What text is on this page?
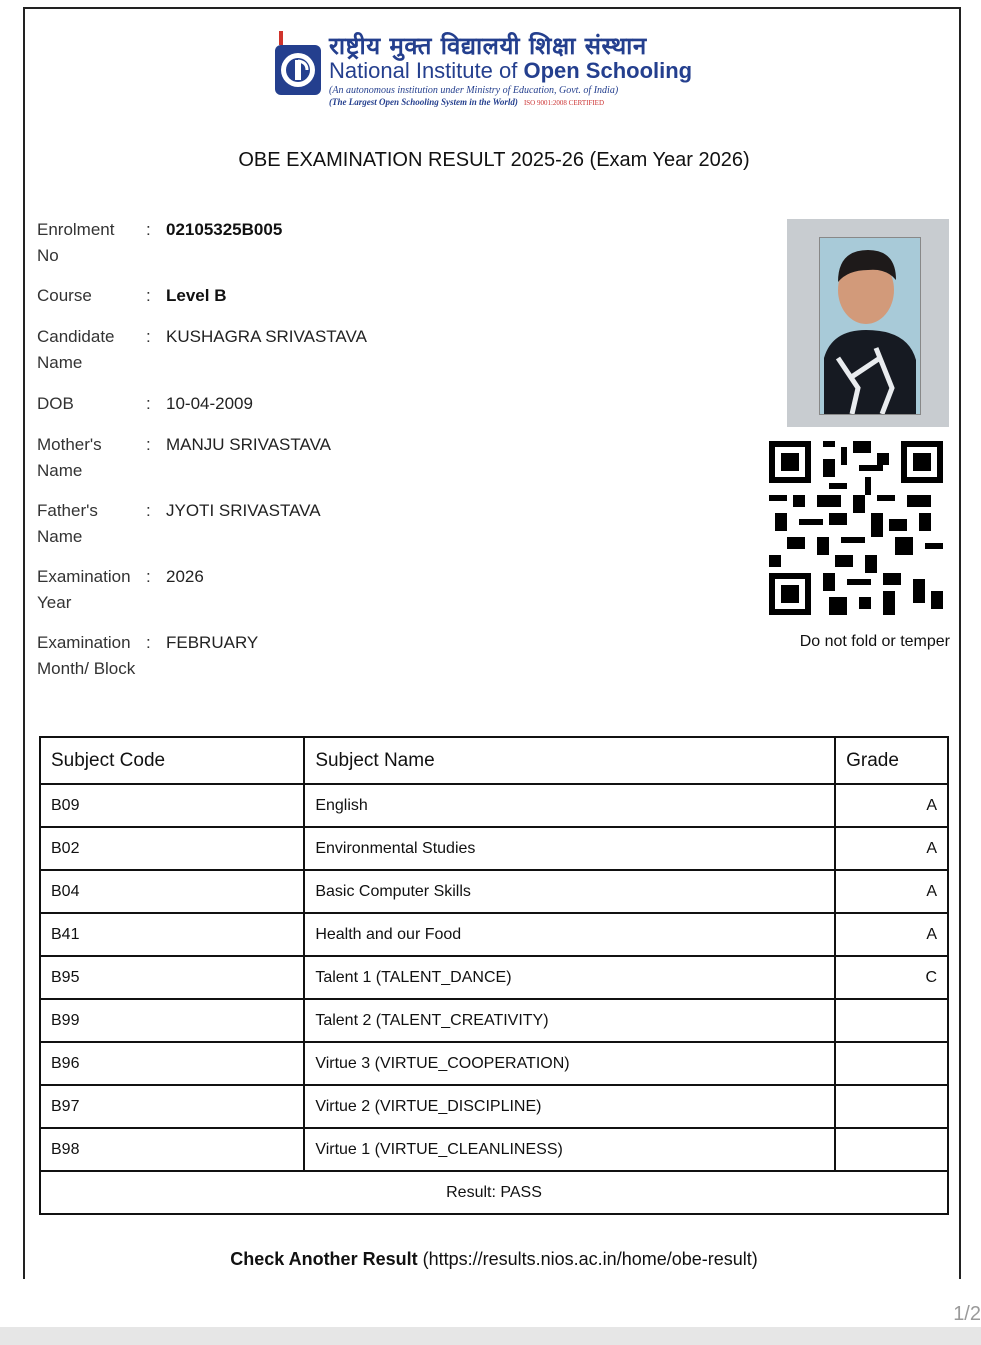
राष्ट्रीय मुक्त विद्यालयी शिक्षा संस्थान
National Institute of Open Schooling
(An autonomous institution under Ministry of Education, Govt. of India)
(The Largest Open Schooling System in the World) ISO 9001:2008 CERTIFIED
OBE EXAMINATION RESULT 2025-26 (Exam Year 2026)
Enrolment No
: 02105325B005
Course	: Level B
Candidate Name
: KUSHAGRA SRIVASTAVA
DOB	: 10-04-2009
Mother's Name
: MANJU SRIVASTAVA
Father's Name
: JYOTI SRIVASTAVA
Examination Year
: 2026
Examination Month/ Block
: FEBRUARY	Do not fold or temper
Subject Code	Subject Name	Grade
B09	English	A
B02	Environmental Studies	A
B04	Basic Computer Skills	A
B41	Health and our Food	A
B95	Talent 1 (TALENT_DANCE)	C
B99	Talent 2 (TALENT_CREATIVITY)	
B96	Virtue 3 (VIRTUE_COOPERATION)	
B97	Virtue 2 (VIRTUE_DISCIPLINE)	
B98	Virtue 1 (VIRTUE_CLEANLINESS)	
Result: PASS		
Check Another Result (https://results.nios.ac.in/home/obe-result)
1/2
